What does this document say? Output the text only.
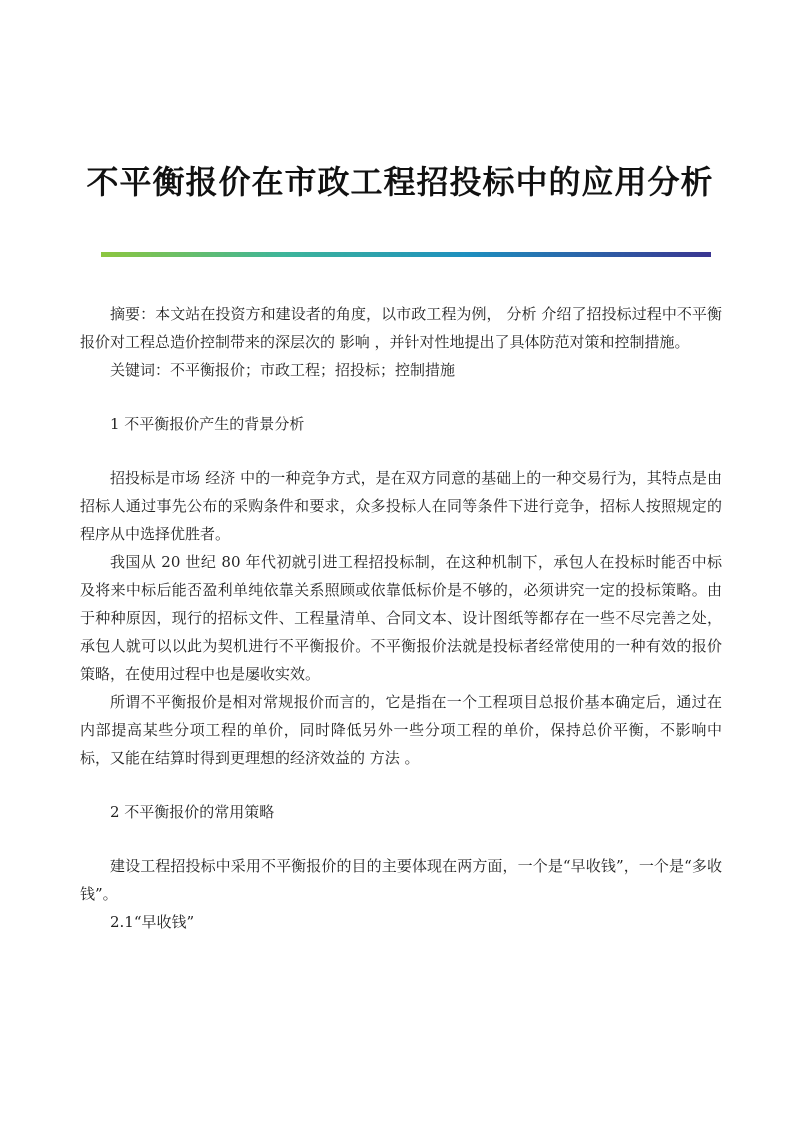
不平衡报价在市政工程招投标中的应用分析

摘要：本文站在投资方和建设者的角度，以市政工程为例， 分析 介绍了招投标过程中不平衡报价对工程总造价控制带来的深层次的 影响 ，并针对性地提出了具体防范对策和控制措施。

关键词：不平衡报价；市政工程；招投标；控制措施

1 不平衡报价产生的背景分析

招投标是市场 经济 中的一种竞争方式，是在双方同意的基础上的一种交易行为，其特点是由招标人通过事先公布的采购条件和要求，众多投标人在同等条件下进行竞争，招标人按照规定的程序从中选择优胜者。

我国从 20 世纪 80 年代初就引进工程招投标制，在这种机制下，承包人在投标时能否中标及将来中标后能否盈利单纯依靠关系照顾或依靠低标价是不够的，必须讲究一定的投标策略。由于种种原因，现行的招标文件、工程量清单、合同文本、设计图纸等都存在一些不尽完善之处，承包人就可以以此为契机进行不平衡报价。不平衡报价法就是投标者经常使用的一种有效的报价策略，在使用过程中也是屡收实效。

所谓不平衡报价是相对常规报价而言的，它是指在一个工程项目总报价基本确定后，通过在内部提高某些分项工程的单价，同时降低另外一些分项工程的单价，保持总价平衡，不影响中标，又能在结算时得到更理想的经济效益的 方法 。

2 不平衡报价的常用策略

建设工程招投标中采用不平衡报价的目的主要体现在两方面，一个是“早收钱”，一个是“多收钱”。

2.1“早收钱”
